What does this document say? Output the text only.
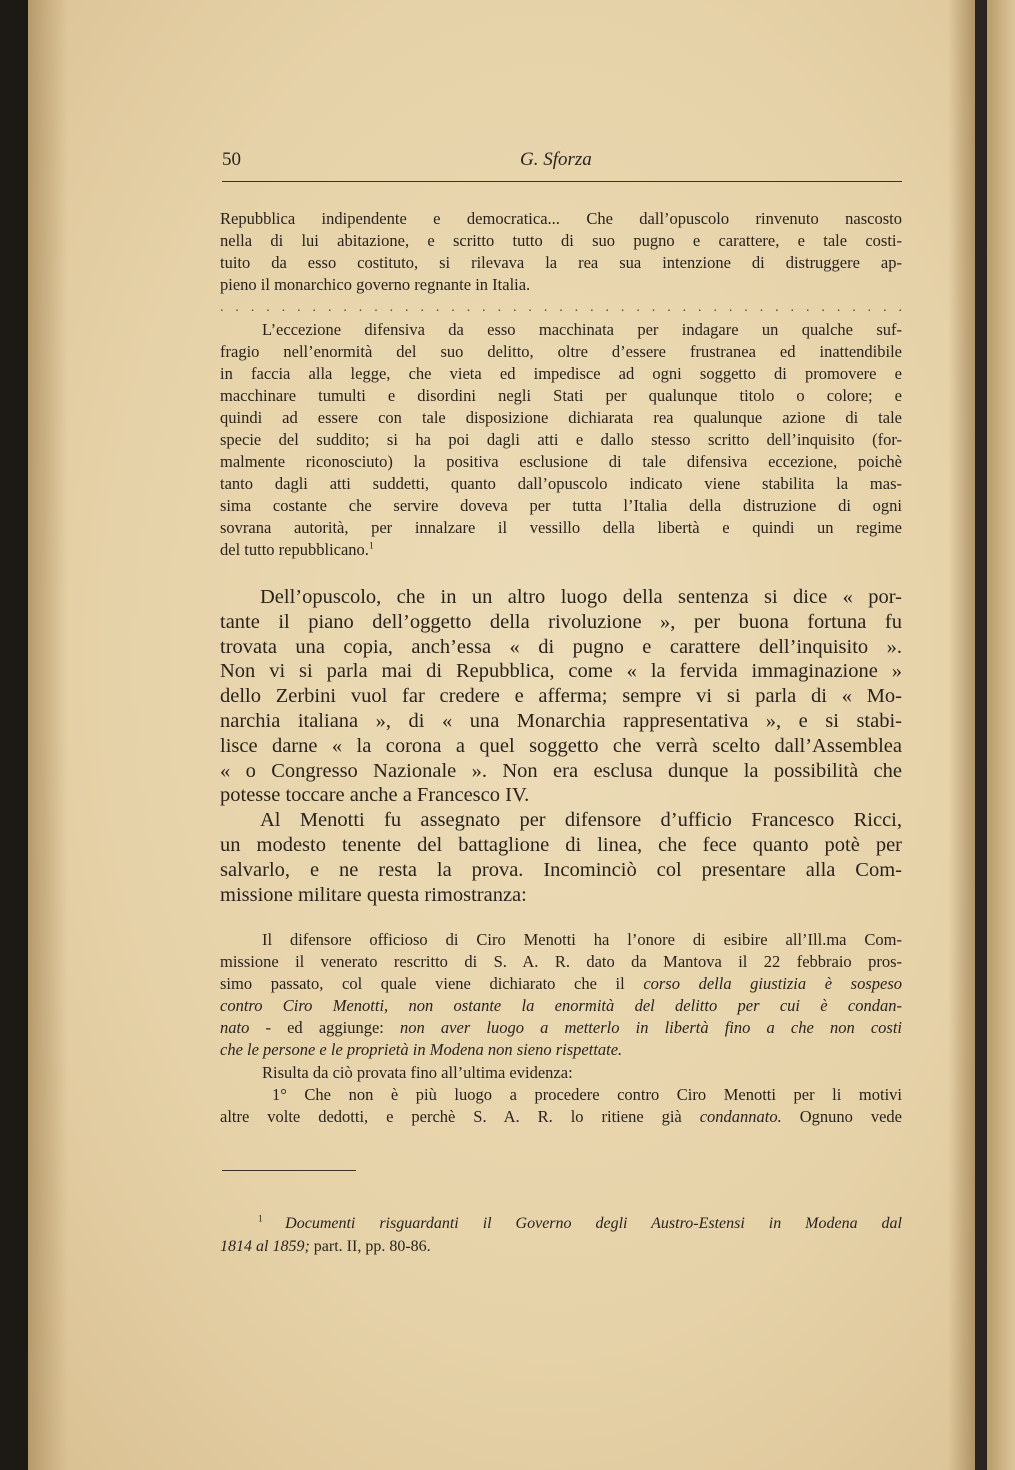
50	G. Sforza
Repubblica indipendente e democratica... Che dall’opuscolo rinvenuto nascosto
nella di lui abitazione, e scritto tutto di suo pugno e carattere, e tale costi-
tuito da esso costituto, si rilevava la rea sua intenzione di distruggere ap-
pieno il monarchico governo regnante in Italia.
. . . . . . . . . . . . . . . . . . . . . . . . . . . . . . . . . . . . . . . . . . . . .
L’eccezione difensiva da esso macchinata per indagare un qualche suf-
fragio nell’enormità del suo delitto, oltre d’essere frustranea ed inattendibile
in faccia alla legge, che vieta ed impedisce ad ogni soggetto di promovere e
macchinare tumulti e disordini negli Stati per qualunque titolo o colore; e
quindi ad essere con tale disposizione dichiarata rea qualunque azione di tale
specie del suddito; si ha poi dagli atti e dallo stesso scritto dell’inquisito (for-
malmente riconosciuto) la positiva esclusione di tale difensiva eccezione, poichè
tanto dagli atti suddetti, quanto dall’opuscolo indicato viene stabilita la mas-
sima costante che servire doveva per tutta l’Italia della distruzione di ogni
sovrana autorità, per innalzare il vessillo della libertà e quindi un regime
del tutto repubblicano.$^1$
Dell’opuscolo, che in un altro luogo della sentenza si dice « por-
tante il piano dell’oggetto della rivoluzione », per buona fortuna fu
trovata una copia, anch’essa « di pugno e carattere dell’inquisito ».
Non vi si parla mai di Repubblica, come « la fervida immaginazione »
dello Zerbini vuol far credere e afferma; sempre vi si parla di « Mo-
narchia italiana », di « una Monarchia rappresentativa », e si stabi-
lisce darne « la corona a quel soggetto che verrà scelto dall’Assemblea
« o Congresso Nazionale ». Non era esclusa dunque la possibilità che
potesse toccare anche a Francesco IV.
Al Menotti fu assegnato per difensore d’ufficio Francesco Ricci,
un modesto tenente del battaglione di linea, che fece quanto potè per
salvarlo, e ne resta la prova. Incominciò col presentare alla Com-
missione militare questa rimostranza:
Il difensore officioso di Ciro Menotti ha l’onore di esibire all’Ill.ma Com-
missione il venerato rescritto di S. A. R. dato da Mantova il 22 febbraio pros-
simo passato, col quale viene dichiarato che il corso della giustizia è sospeso
contro Ciro Menotti, non ostante la enormità del delitto per cui è condan-
nato - ed aggiunge: non aver luogo a metterlo in libertà fino a che non costi
che le persone e le proprietà in Modena non sieno rispettate.
Risulta da ciò provata fino all’ultima evidenza:
1° Che non è più luogo a procedere contro Ciro Menotti per li motivi
altre volte dedotti, e perchè S. A. R. lo ritiene già condannato. Ognuno vede
$^1$ Documenti risguardanti il Governo degli Austro-Estensi in Modena dal
1814 al 1859; part. II, pp. 80-86.
